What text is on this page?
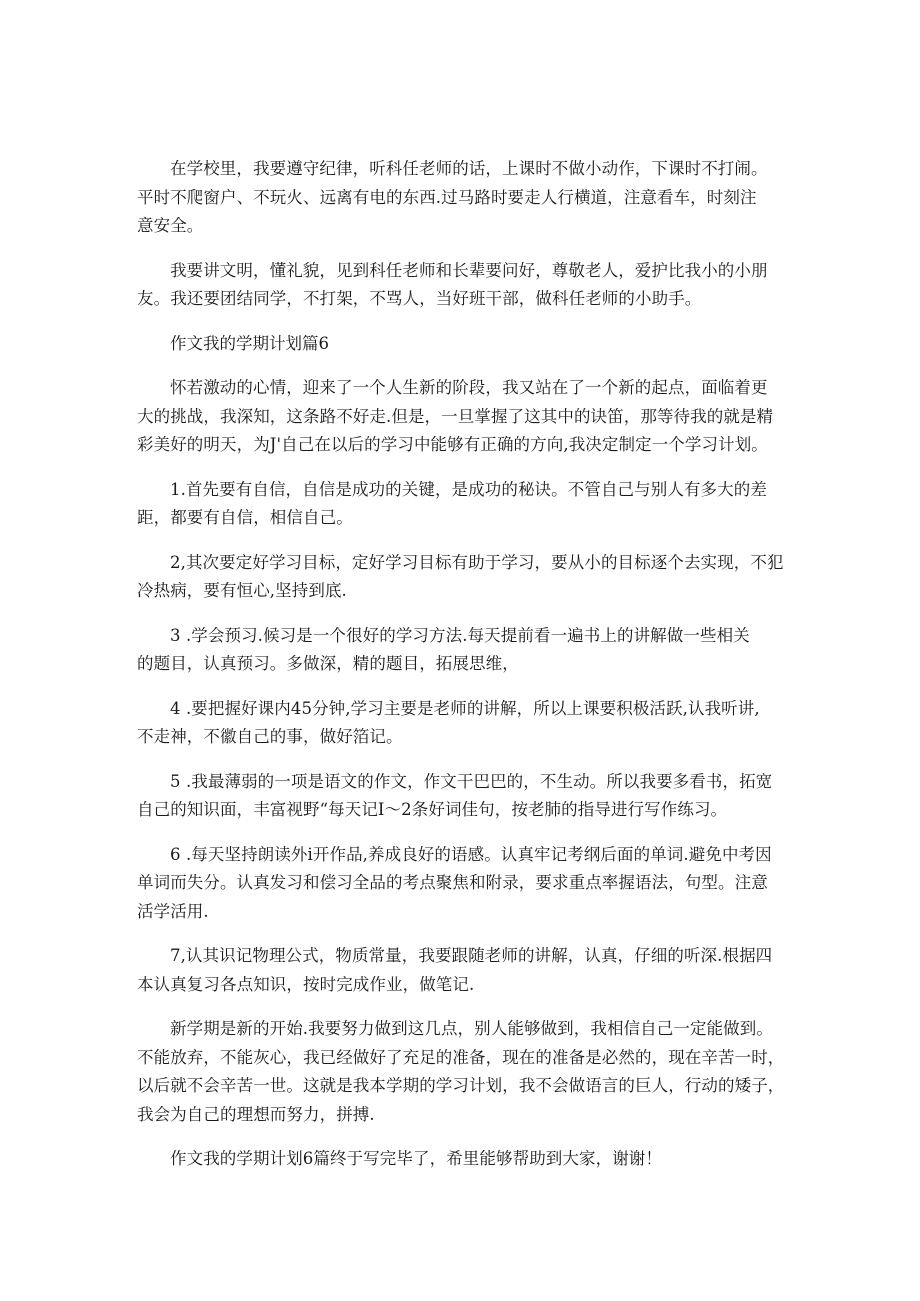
在学校里，我要遵守纪律，听科任老师的话，上课时不做小动作，下课时不打闹。
平时不爬窗户、不玩火、远离有电的东西.过马路时要走人行横道，注意看车，时刻注
意安全。

我要讲文明，懂礼貌，见到科任老师和长辈要问好，尊敬老人，爱护比我小的小朋
友。我还要团结同学，不打架，不骂人，当好班干部，做科任老师的小助手。

作文我的学期计划篇6

怀若激动的心情，迎来了一个人生新的阶段，我又站在了一个新的起点，面临着更
大的挑战，我深知，这条路不好走.但是，一旦掌握了这其中的诀笛，那等待我的就是精
彩美好的明天，为J'自己在以后的学习中能够有正确的方向,我决定制定一个学习计划。

1.首先要有自信，自信是成功的关键，是成功的秘诀。不管自己与别人有多大的差
距，都要有自信，相信自己。

2,其次要定好学习目标，定好学习目标有助于学习，要从小的目标逐个去实现，不犯
冷热病，要有恒心,坚持到底.

3 .学会预习.候习是一个很好的学习方法.每天提前看一遍书上的讲解做一些相关
的题目，认真预习。多做深，精的题目，拓展思维，

4 .要把握好课内45分钟,学习主要是老师的讲解，所以上课要积极活跃,认我听讲,
不走神，不徽自己的事，做好箔记。

5 .我最薄弱的一项是语文的作文，作文干巴巴的，不生动。所以我要多看书，拓宽
自己的知识面，丰富视野“每天记I〜2条好词佳句，按老肺的指导进行写作练习。

6 .每天坚持朗读外i开作品,养成良好的语感。认真牢记考纲后面的单词.避免中考因
单词而失分。认真发习和偿习全品的考点聚焦和附录，要求重点率握语法，句型。注意
活学活用.

7,认其识记物理公式，物质常量，我要跟随老师的讲解，认真，仔细的听深.根据四
本认真复习各点知识，按时完成作业，做笔记.

新学期是新的开始.我要努力做到这几点，别人能够做到，我相信自己一定能做到。
不能放弃，不能灰心，我已经做好了充足的准备，现在的准备是必然的，现在辛苦一时，
以后就不会辛苦一世。这就是我本学期的学习计划，我不会做语言的巨人，行动的矮子，
我会为自己的理想而努力，拼搏.

作文我的学期计划6篇终于写完毕了，希里能够帮助到大家，谢谢！
